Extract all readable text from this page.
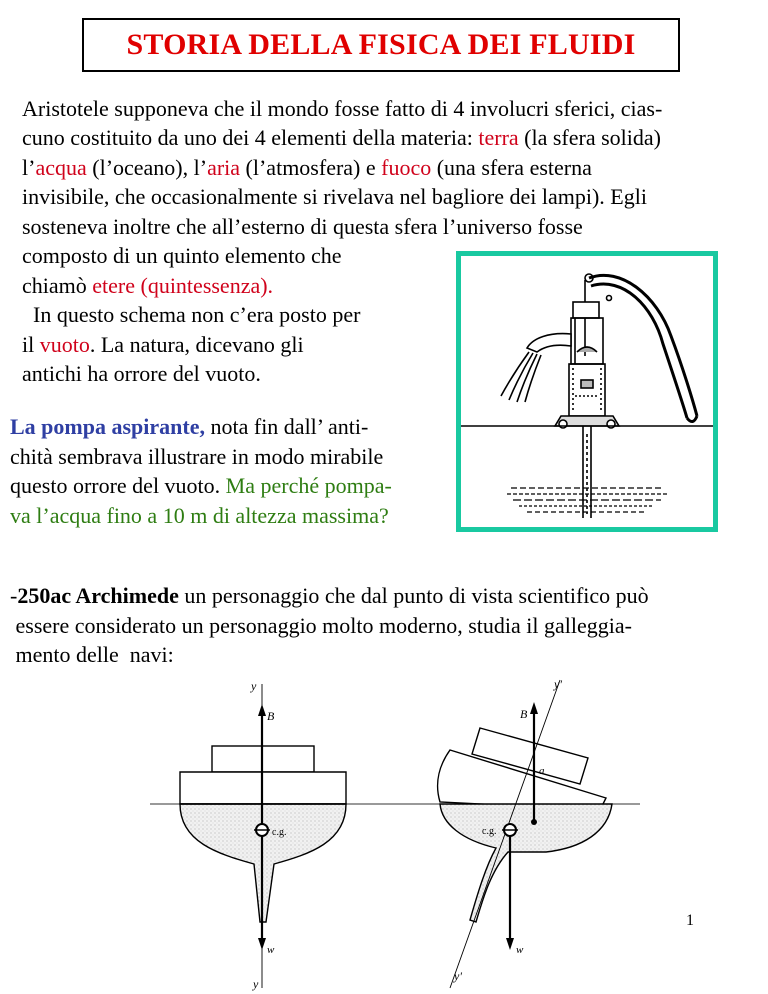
STORIA DELLA FISICA DEI FLUIDI
Aristotele supponeva che il mondo fosse fatto di 4 involucri sferici, cias-
cuno costituito da uno dei 4 elementi della materia: terra (la sfera solida)
l’acqua (l’oceano), l’aria (l’atmosfera) e fuoco (una sfera esterna
invisibile, che occasionalmente si rivelava nel bagliore dei lampi). Egli
sosteneva inoltre che all’esterno di questa sfera l’universo fosse
composto di un quinto elemento che
chiamò etere (quintessenza).
In questo schema non c’era posto per
il vuoto. La natura, dicevano gli
antichi ha orrore del vuoto.
La pompa aspirante, nota fin dall’ anti-
chità sembrava illustrare in modo mirabile
questo orrore del vuoto. Ma perché pompa-
va l’acqua fino a 10 m di altezza massima?
-250ac Archimede un personaggio che dal punto di vista scientifico può
essere considerato un personaggio molto moderno, studia il galleggia-
mento delle  navi:
y
B
c.g.
w
y
y'
B
a
c.g.
w
y'
1
